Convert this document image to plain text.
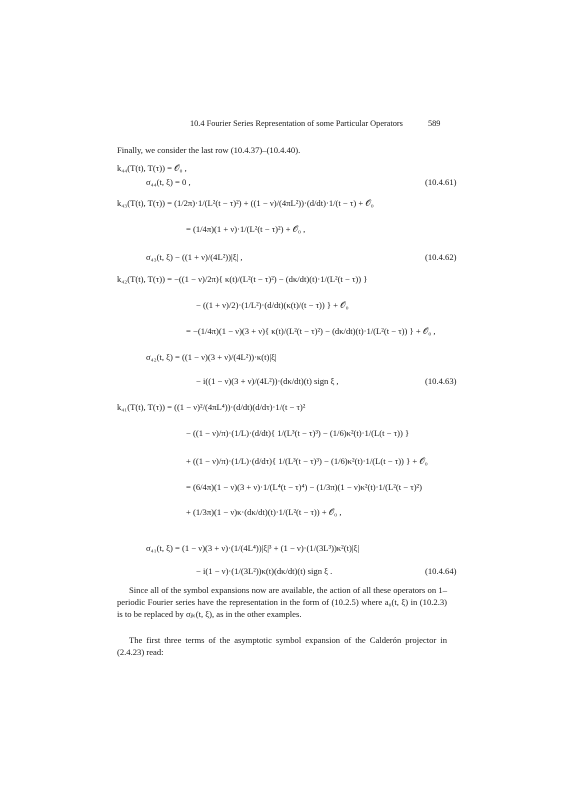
10.4 Fourier Series Representation of some Particular Operators	589
Finally, we consider the last row (10.4.37)–(10.4.40).
k₄₄(T(t), T(τ)) = 𝒪₀ ,
σ₄₄(t, ξ) = 0 ,	(10.4.61)
k₄₃(T(t), T(τ)) = (1/2π)·1/(L²(t − τ)²) + ((1 − ν)/(4πL²))·(d/dt)·1/(t − τ) + 𝒪₀
= (1/4π)(1 + ν)·1/(L²(t − τ)²) + 𝒪₀ ,
σ₄₃(t, ξ) − ((1 + ν)/(4L²))|ξ| ,	(10.4.62)
k₄₂(T(t), T(τ)) = −((1 − ν)/2π){ κ(t)/(L²(t − τ)²) − (dκ/dt)(t)·1/(L²(t − τ)) }
− ((1 + ν)/2)·(1/L²)·(d/dt)(κ(t)/(t − τ)) } + 𝒪₀
= −(1/4π)(1 − ν)(3 + ν){ κ(t)/(L²(t − τ)²) − (dκ/dt)(t)·1/(L²(t − τ)) } + 𝒪₀ ,
σ₄₂(t, ξ) = ((1 − ν)(3 + ν)/(4L²))·κ(t)|ξ|
− i((1 − ν)(3 + ν)/(4L²))·(dκ/dt)(t) sign ξ ,	(10.4.63)
k₄₁(T(t), T(τ)) = ((1 − ν)²/(4πL⁴))·(d/dt)(d/dτ)·1/(t − τ)²
− ((1 − ν)/π)·(1/L)·(d/dt){ 1/(L³(t − τ)³) − (1/6)κ²(t)·1/(L(t − τ)) }
+ ((1 − ν)/π)·(1/L)·(d/dτ){ 1/(L³(t − τ)³) − (1/6)κ²(t)·1/(L(t − τ)) } + 𝒪₀
= (6/4π)(1 − ν)(3 + ν)·1/(L⁴(t − τ)⁴) − (1/3π)(1 − ν)κ²(t)·1/(L²(t − τ)²)
+ (1/3π)(1 − ν)κ·(dκ/dt)(t)·1/(L²(t − τ)) + 𝒪₀ ,
σ₄₁(t, ξ) = (1 − ν)(3 + ν)·(1/(4L⁴))|ξ|³ + (1 − ν)·(1/(3L³))κ²(t)|ξ|
− i(1 − ν)·(1/(3L²))κ(t)(dκ/dt)(t) sign ξ .	(10.4.64)
Since all of the symbol expansions now are available, the action of all these operators on 1–periodic Fourier series have the representation in the form of (10.2.5) where a₀(t, ξ) in (10.2.3) is to be replaced by σⱼₖ(t, ξ), as in the other examples.
The first three terms of the asymptotic symbol expansion of the Calderón projector in (2.4.23) read:
